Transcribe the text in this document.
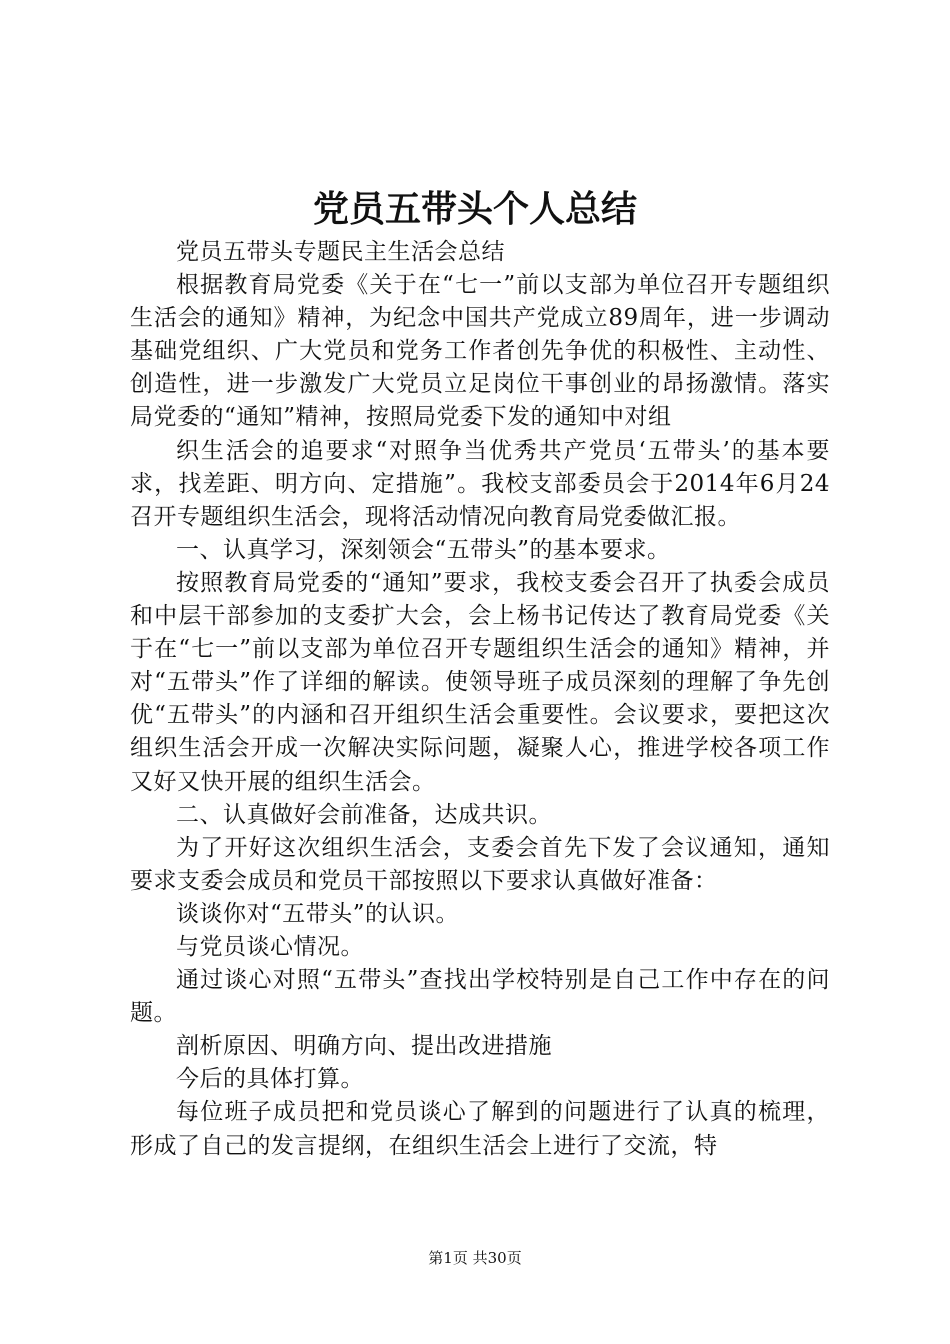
党员五带头个人总结

党员五带头专题民主生活会总结

根据教育局党委《关于在“七一”前以支部为单位召开专题组织生活会的通知》精神，为纪念中国共产党成立89周年，进一步调动基础党组织、广大党员和党务工作者创先争优的积极性、主动性、创造性，进一步激发广大党员立足岗位干事创业的昂扬激情。落实局党委的“通知”精神，按照局党委下发的通知中对组

织生活会的追要求“对照争当优秀共产党员‘五带头’的基本要求，找差距、明方向、定措施”。我校支部委员会于2014年6月24召开专题组织生活会，现将活动情况向教育局党委做汇报。

一、认真学习，深刻领会“五带头”的基本要求。

按照教育局党委的“通知”要求，我校支委会召开了执委会成员和中层干部参加的支委扩大会，会上杨书记传达了教育局党委《关于在“七一”前以支部为单位召开专题组织生活会的通知》精神，并对“五带头”作了详细的解读。使领导班子成员深刻的理解了争先创优“五带头”的内涵和召开组织生活会重要性。会议要求，要把这次组织生活会开成一次解决实际问题，凝聚人心，推进学校各项工作又好又快开展的组织生活会。

二、认真做好会前准备，达成共识。

为了开好这次组织生活会，支委会首先下发了会议通知，通知要求支委会成员和党员干部按照以下要求认真做好准备：

谈谈你对“五带头”的认识。

与党员谈心情况。

通过谈心对照“五带头”查找出学校特别是自己工作中存在的问题。

剖析原因、明确方向、提出改进措施

今后的具体打算。

每位班子成员把和党员谈心了解到的问题进行了认真的梳理，形成了自己的发言提纲，在组织生活会上进行了交流，特

第1页 共30页
